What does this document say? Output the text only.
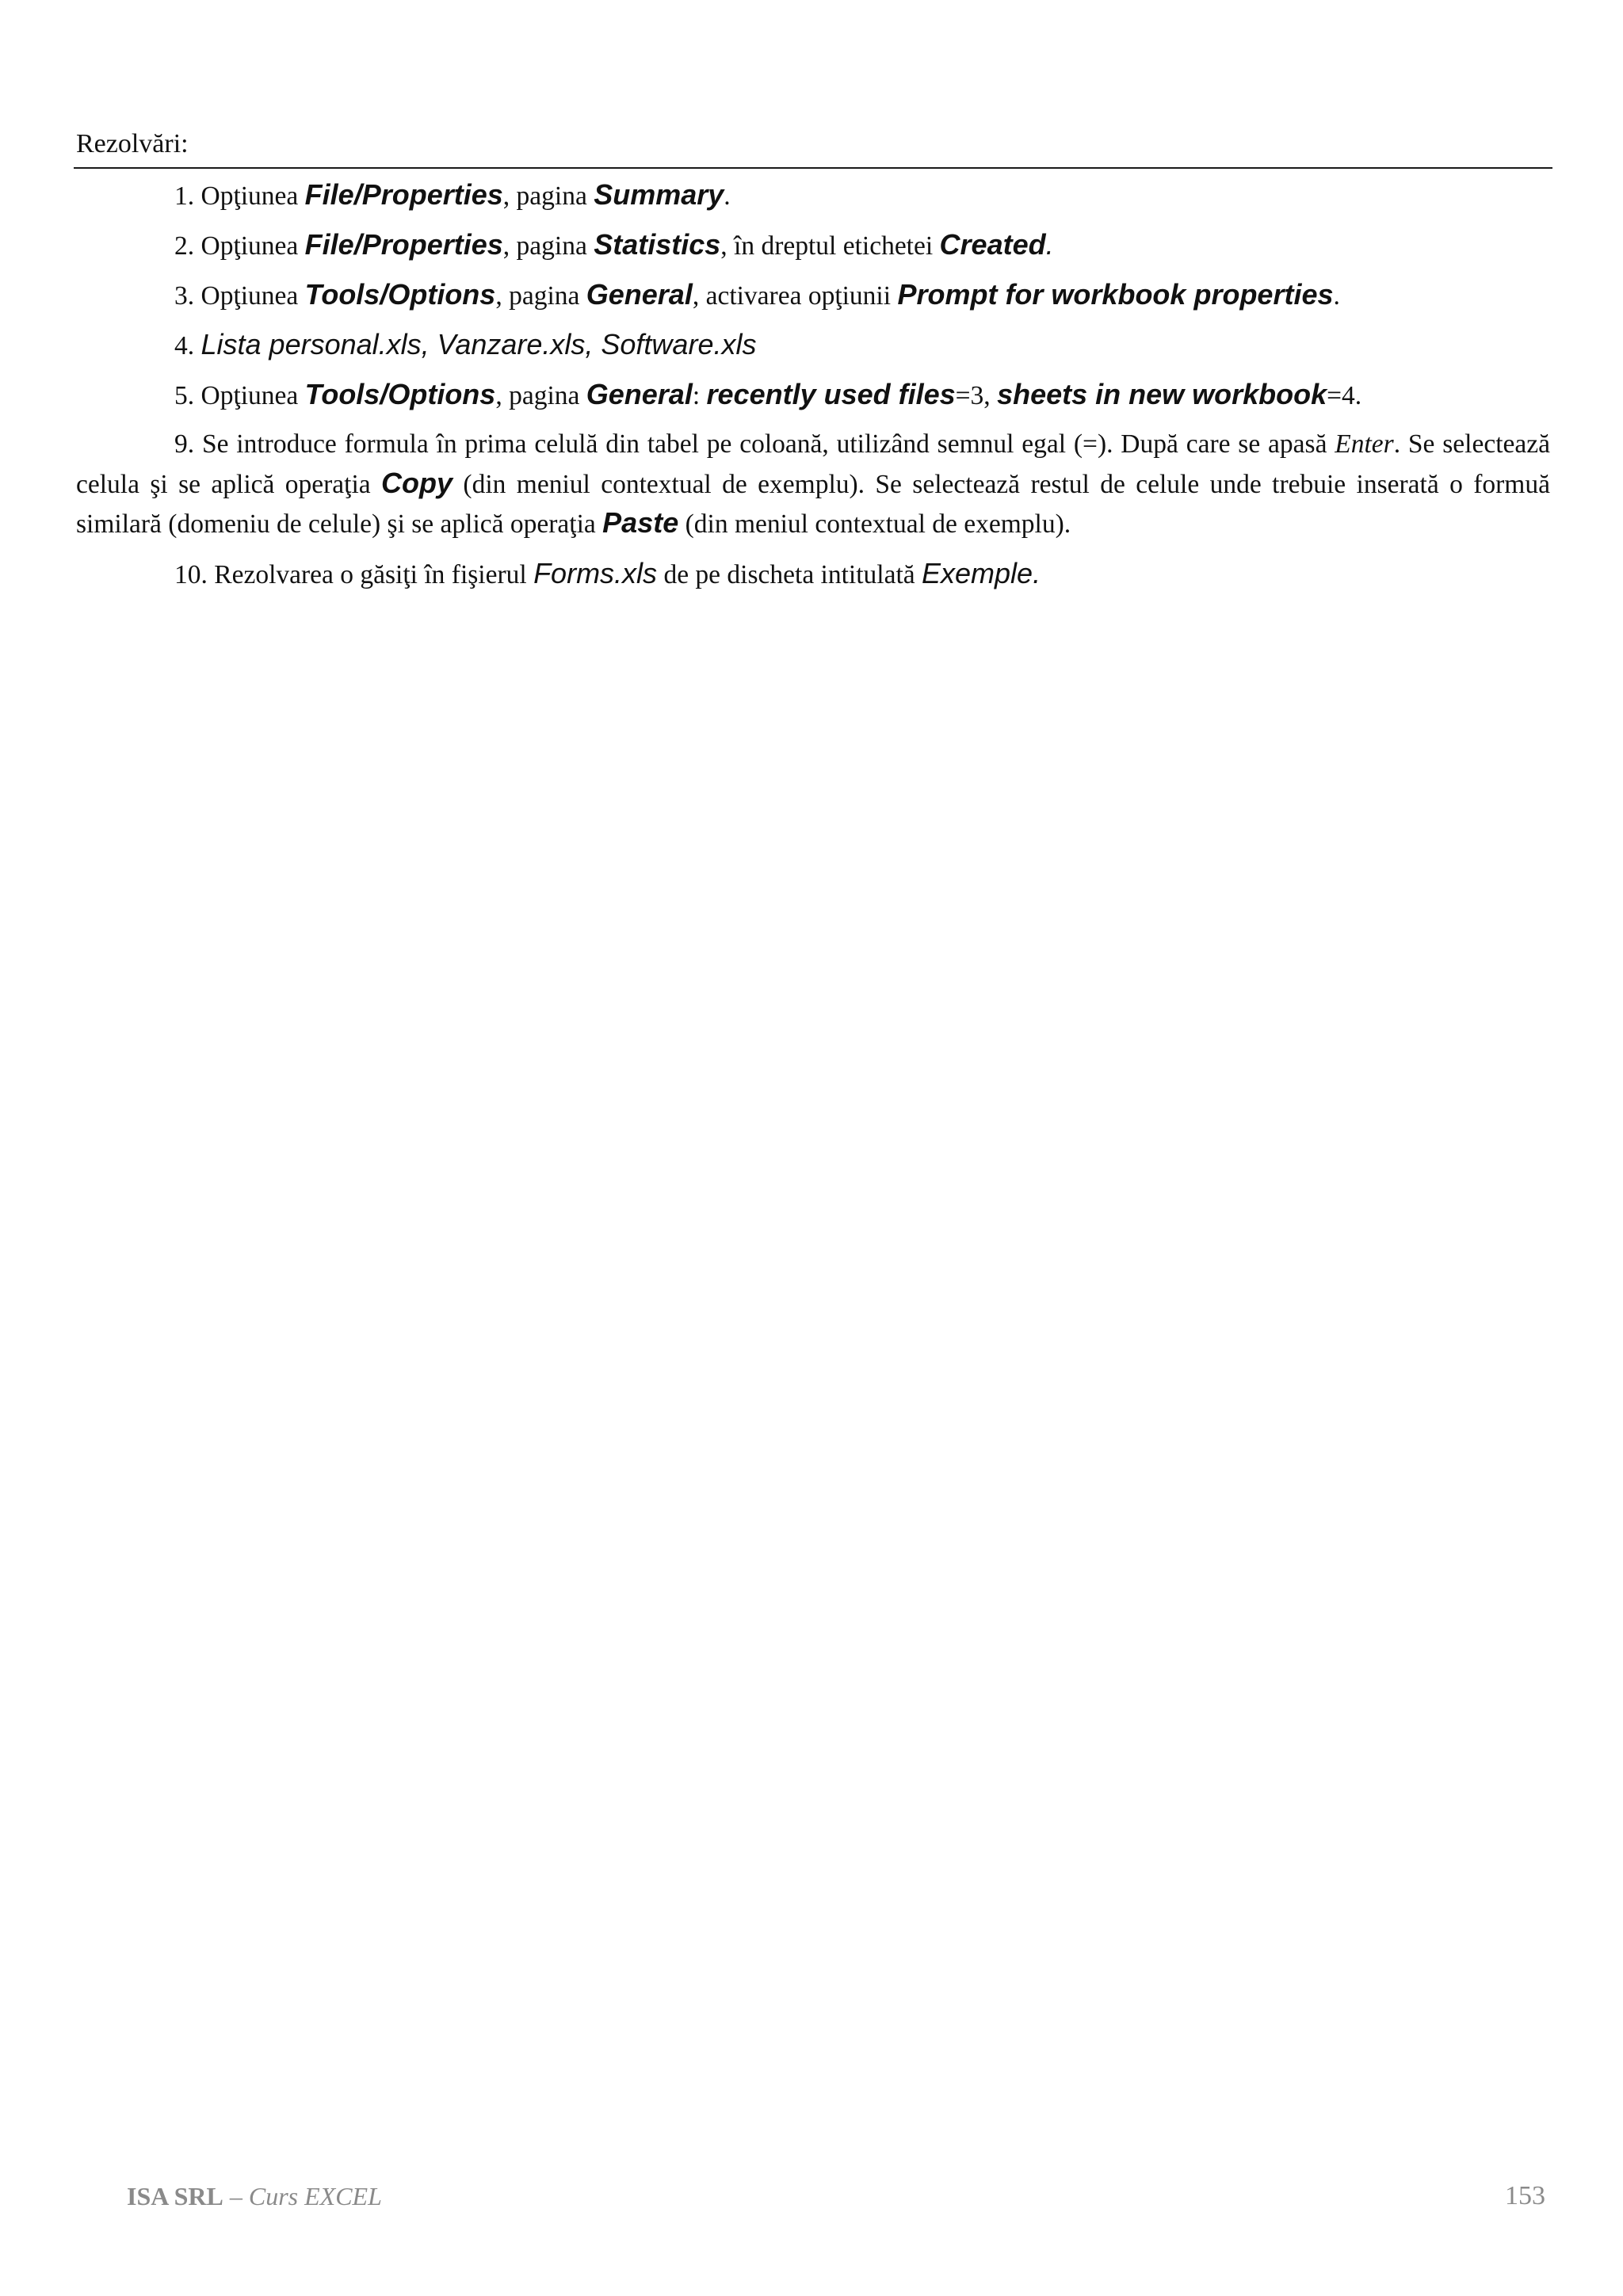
Rezolvări:

1. Opţiunea File/Properties, pagina Summary.

2. Opţiunea File/Properties, pagina Statistics, în dreptul etichetei Created.

3. Opţiunea Tools/Options, pagina General, activarea opţiunii Prompt for workbook properties.

4. Lista personal.xls, Vanzare.xls, Software.xls

5. Opţiunea Tools/Options, pagina General: recently used files=3, sheets in new workbook=4.

9. Se introduce formula în prima celulă din tabel pe coloană, utilizând semnul egal (=). După care se apasă Enter. Se selectează celula şi se aplică operaţia Copy (din meniul contextual de exemplu). Se selectează restul de celule unde trebuie inserată o formuă similară (domeniu de celule) şi se aplică operaţia Paste (din meniul contextual de exemplu).

10. Rezolvarea o găsiţi în fişierul Forms.xls de pe discheta intitulată Exemple.

ISA SRL – Curs EXCEL	153
